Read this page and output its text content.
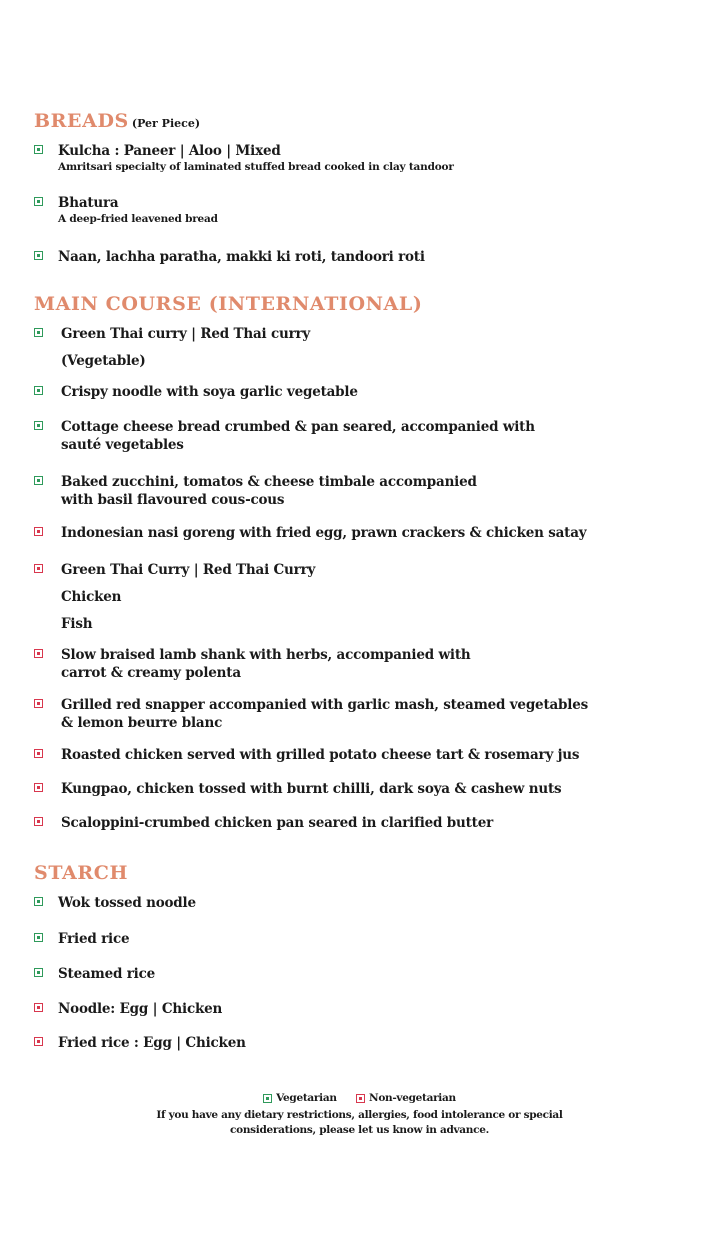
BREADS (Per Piece)
Kulcha : Paneer | Aloo | Mixed
Amritsari specialty of laminated stuffed bread cooked in clay tandoor
Bhatura
A deep-fried leavened bread
Naan, lachha paratha, makki ki roti, tandoori roti
MAIN COURSE (INTERNATIONAL)
Green Thai curry | Red Thai curry
(Vegetable)
Crispy noodle with soya garlic vegetable
Cottage cheese bread crumbed & pan seared, accompanied with
sauté vegetables
Baked zucchini, tomatos & cheese timbale accompanied
with basil flavoured cous-cous
Indonesian nasi goreng with fried egg, prawn crackers & chicken satay
Green Thai Curry | Red Thai Curry
Chicken
Fish
Slow braised lamb shank with herbs, accompanied with
carrot & creamy polenta
Grilled red snapper accompanied with garlic mash, steamed vegetables
& lemon beurre blanc
Roasted chicken served with grilled potato cheese tart & rosemary jus
Kungpao, chicken tossed with burnt chilli, dark soya & cashew nuts
Scaloppini-crumbed chicken pan seared in clarified butter
STARCH
Wok tossed noodle
Fried rice
Steamed rice
Noodle: Egg | Chicken
Fried rice : Egg | Chicken
Vegetarian
	Non-vegetarian
If you have any dietary restrictions, allergies, food intolerance or special
considerations, please let us know in advance.
